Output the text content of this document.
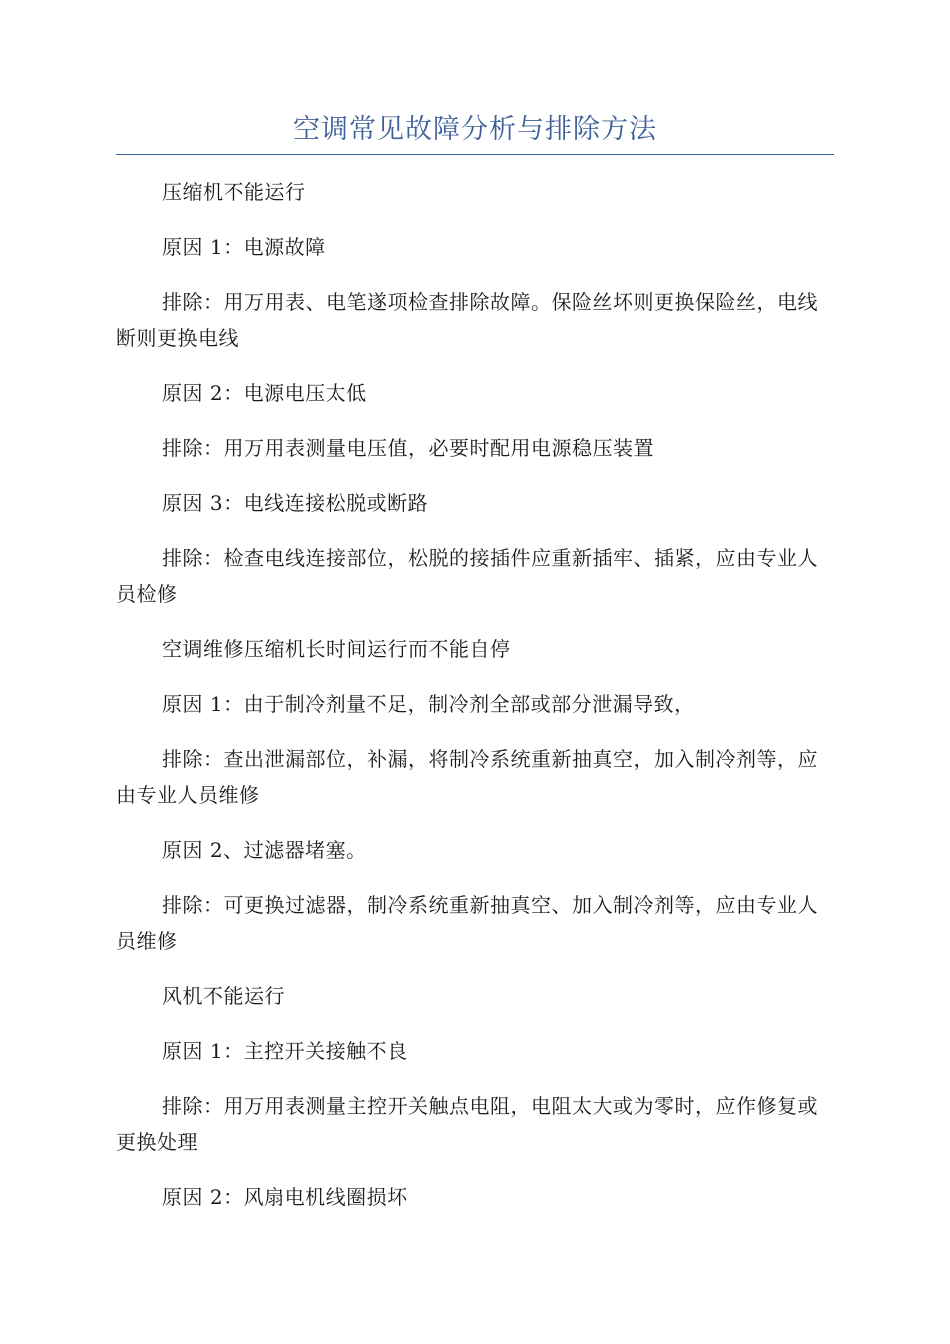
空调常见故障分析与排除方法

压缩机不能运行

原因 1：电源故障

排除：用万用表、电笔遂项检查排除故障。保险丝坏则更换保险丝，电线断则更换电线

原因 2：电源电压太低

排除：用万用表测量电压值，必要时配用电源稳压装置

原因 3：电线连接松脱或断路

排除：检查电线连接部位，松脱的接插件应重新插牢、插紧，应由专业人员检修

空调维修压缩机长时间运行而不能自停

原因 1：由于制冷剂量不足，制冷剂全部或部分泄漏导致，

排除：查出泄漏部位，补漏，将制冷系统重新抽真空，加入制冷剂等，应由专业人员维修

原因 2、过滤器堵塞。

排除：可更换过滤器，制冷系统重新抽真空、加入制冷剂等，应由专业人员维修

风机不能运行

原因 1：主控开关接触不良

排除：用万用表测量主控开关触点电阻，电阻太大或为零时，应作修复或更换处理

原因 2：风扇电机线圈损坏
